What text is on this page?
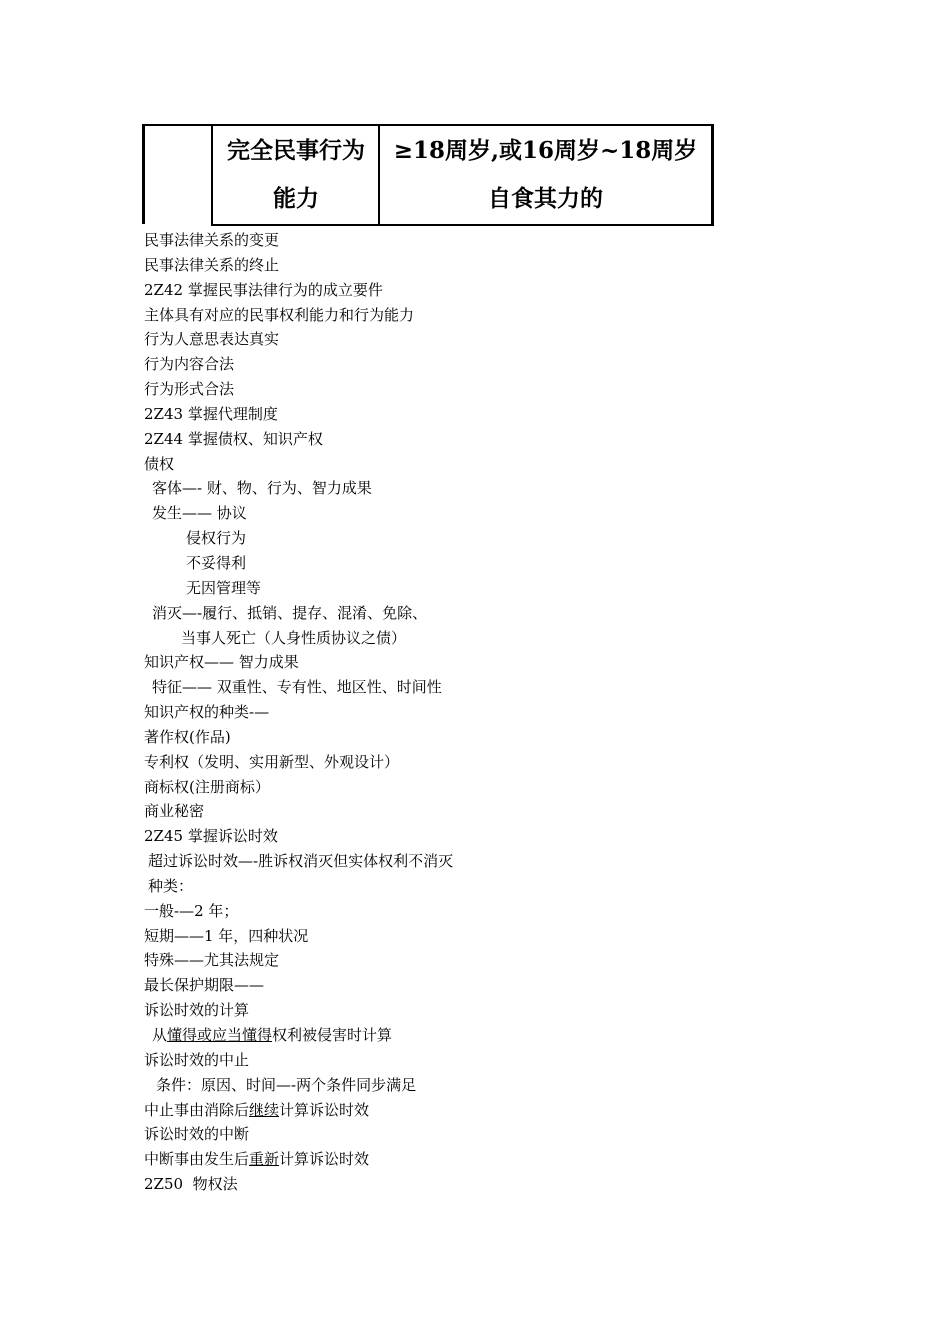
完全民事行为
能力
≥18周岁,或16周岁~18周岁
自食其力的
民事法律关系的变更
民事法律关系的终止
2Z42 掌握民事法律行为的成立要件
主体具有对应的民事权利能力和行为能力
行为人意思表达真实
行为内容合法
行为形式合法
2Z43 掌握代理制度
2Z44 掌握债权、知识产权
债权
客体—- 财、物、行为、智力成果
发生—— 协议
侵权行为
不妥得利
无因管理等
消灭—-履行、抵销、提存、混淆、免除、
当事人死亡（人身性质协议之债）
知识产权—— 智力成果
特征—— 双重性、专有性、地区性、时间性
知识产权的种类-—
著作权(作品)
专利权（发明、实用新型、外观设计）
商标权(注册商标）
商业秘密
2Z45 掌握诉讼时效
超过诉讼时效—-胜诉权消灭但实体权利不消灭
种类：
一般-—2 年；
短期——1 年，四种状况
特殊——尤其法规定
最长保护期限——
诉讼时效的计算
从懂得或应当懂得权利被侵害时计算
诉讼时效的中止
条件：原因、时间—-两个条件同步满足
中止事由消除后继续计算诉讼时效
诉讼时效的中断
中断事由发生后重新计算诉讼时效
2Z50  物权法
